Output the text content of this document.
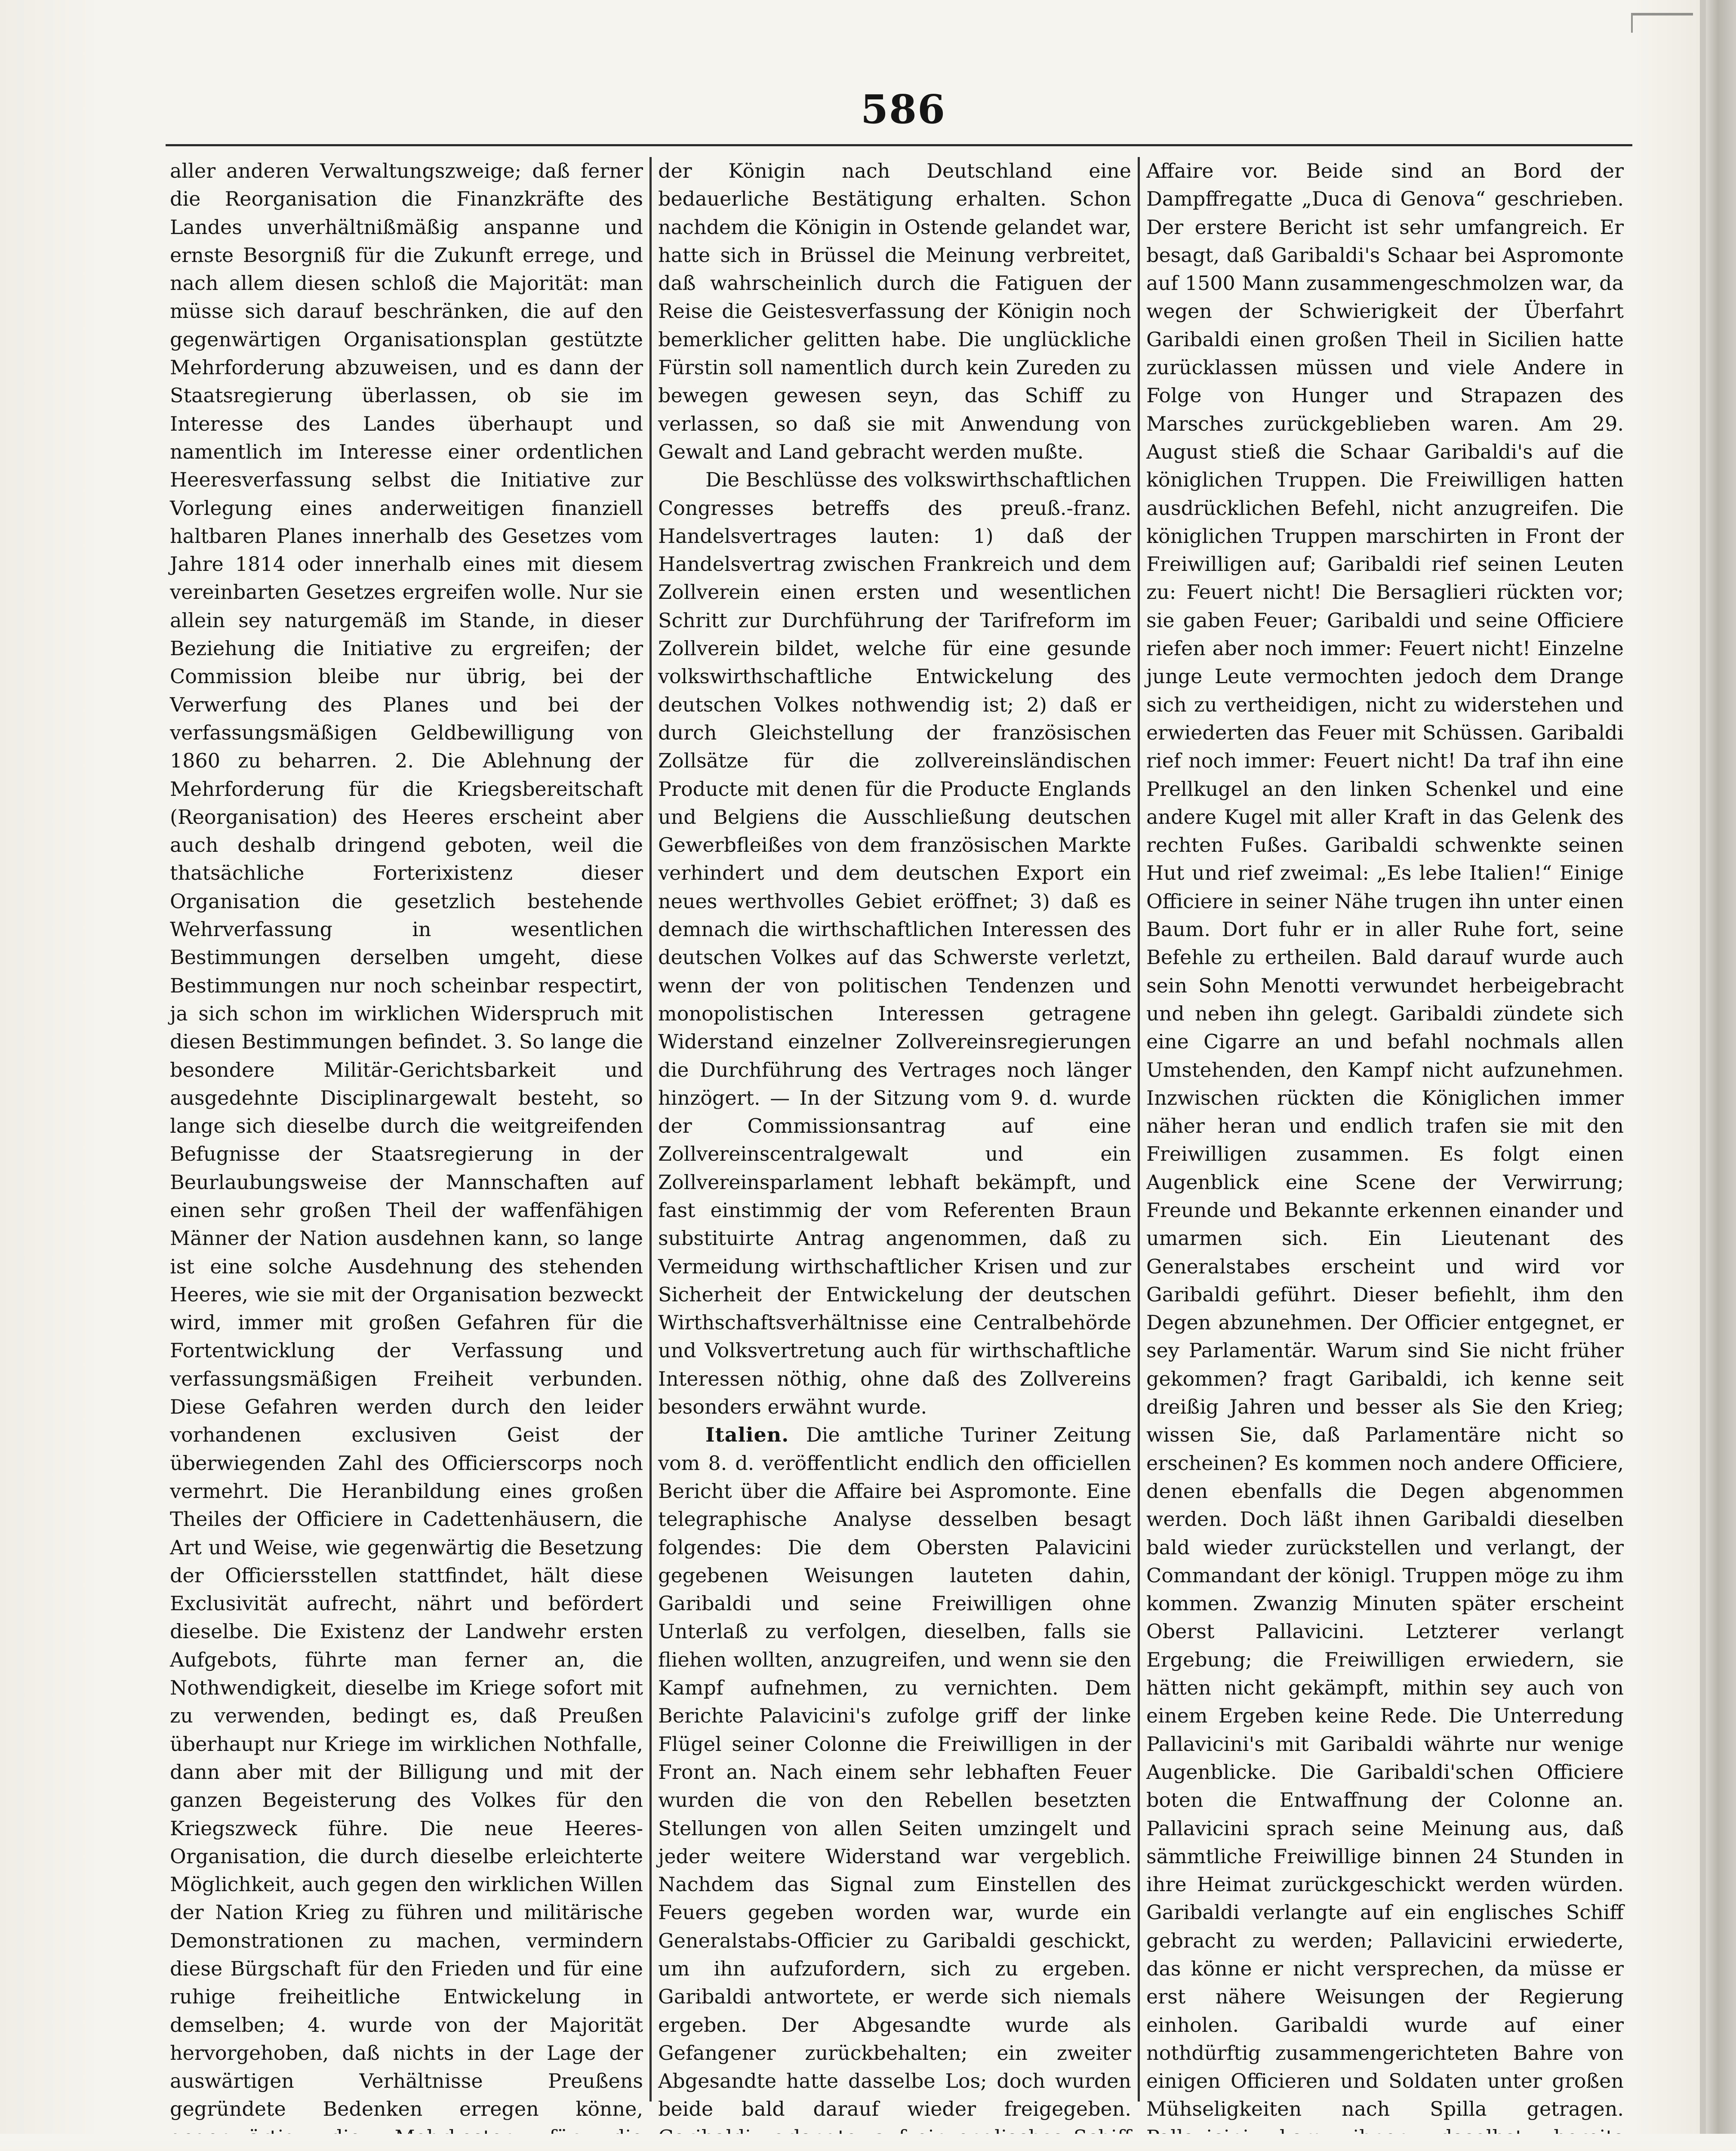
586

aller anderen Verwaltungszweige; daß ferner die Reorganisation die Finanzkräfte des Landes unverhältnißmäßig anspanne und ernste Besorgniß für die Zukunft errege, und nach allem diesen schloß die Majorität: man müsse sich darauf beschränken, die auf den gegenwärtigen Organisationsplan gestützte Mehrforderung abzuweisen, und es dann der Staatsregierung überlassen, ob sie im Interesse des Landes überhaupt und namentlich im Interesse einer ordentlichen Heeresverfassung selbst die Initiative zur Vorlegung eines anderweitigen finanziell haltbaren Planes innerhalb des Gesetzes vom Jahre 1814 oder innerhalb eines mit diesem vereinbarten Gesetzes ergreifen wolle. Nur sie allein sey naturgemäß im Stande, in dieser Beziehung die Initiative zu ergreifen; der Commission bleibe nur übrig, bei der Verwerfung des Planes und bei der verfassungsmäßigen Geldbewilligung von 1860 zu beharren. 2. Die Ablehnung der Mehrforderung für die Kriegsbereitschaft (Reorganisation) des Heeres erscheint aber auch deshalb dringend geboten, weil die thatsächliche Forterixistenz dieser Organisation die gesetzlich bestehende Wehrverfassung in wesentlichen Bestimmungen derselben umgeht, diese Bestimmungen nur noch scheinbar respectirt, ja sich schon im wirklichen Widerspruch mit diesen Bestimmungen befindet. 3. So lange die besondere Militär-Gerichtsbarkeit und ausgedehnte Disciplinargewalt besteht, so lange sich dieselbe durch die weitgreifenden Befugnisse der Staatsregierung in der Beurlaubungsweise der Mannschaften auf einen sehr großen Theil der waffenfähigen Männer der Nation ausdehnen kann, so lange ist eine solche Ausdehnung des stehenden Heeres, wie sie mit der Organisation bezweckt wird, immer mit großen Gefahren für die Fortentwicklung der Verfassung und verfassungsmäßigen Freiheit verbunden. Diese Gefahren werden durch den leider vorhandenen exclusiven Geist der überwiegenden Zahl des Officierscorps noch vermehrt. Die Heranbildung eines großen Theiles der Officiere in Cadettenhäusern, die Art und Weise, wie gegenwärtig die Besetzung der Officiersstellen stattfindet, hält diese Exclusivität aufrecht, nährt und befördert dieselbe. Die Existenz der Landwehr ersten Aufgebots, führte man ferner an, die Nothwendigkeit, dieselbe im Kriege sofort mit zu verwenden, bedingt es, daß Preußen überhaupt nur Kriege im wirklichen Nothfalle, dann aber mit der Billigung und mit der ganzen Begeisterung des Volkes für den Kriegszweck führe. Die neue Heeres-Organisation, die durch dieselbe erleichterte Möglichkeit, auch gegen den wirklichen Willen der Nation Krieg zu führen und militärische Demonstrationen zu machen, vermindern diese Bürgschaft für den Frieden und für eine ruhige freiheitliche Entwickelung in demselben; 4. wurde von der Majorität hervorgehoben, daß nichts in der Lage der auswärtigen Verhältnisse Preußens gegründete Bedenken erregen könne,

der Königin nach Deutschland eine bedauerliche Bestätigung erhalten. Schon nachdem die Königin in Ostende gelandet war, hatte sich in Brüssel die Meinung verbreitet, daß wahrscheinlich durch die Fatiguen der Reise die Geistesverfassung der Königin noch bemerklicher gelitten habe. Die unglückliche Fürstin soll namentlich durch kein Zureden zu bewegen gewesen seyn, das Schiff zu verlassen, so daß sie mit Anwendung von Gewalt and Land gebracht werden mußte.

Die Beschlüsse des volkswirthschaftlichen Congresses betreffs des preuß.-franz. Handelsvertrages lauten: 1) daß der Handelsvertrag zwischen Frankreich und dem Zollverein einen ersten und wesentlichen Schritt zur Durchführung der Tarifreform im Zollverein bildet, welche für eine gesunde volkswirthschaftliche Entwickelung des deutschen Volkes nothwendig ist; 2) daß er durch Gleichstellung der französischen Zollsätze für die zollvereinsländischen Producte mit denen für die Producte Englands und Belgiens die Ausschließung deutschen Gewerbfleißes von dem französischen Markte verhindert und dem deutschen Export ein neues werthvolles Gebiet eröffnet; 3) daß es demnach die wirthschaftlichen Interessen des deutschen Volkes auf das Schwerste verletzt, wenn der von politischen Tendenzen und monopolistischen Interessen getragene Widerstand einzelner Zollvereinsregierungen die Durchführung des Vertrages noch länger hinzögert. — In der Sitzung vom 9. d. wurde der Commissionsantrag auf eine Zollvereinscentralgewalt und ein Zollvereinsparlament lebhaft bekämpft, und fast einstimmig der vom Referenten Braun substituirte Antrag angenommen, daß zu Vermeidung wirthschaftlicher Krisen und zur Sicherheit der Entwickelung der deutschen Wirthschaftsverhältnisse eine Centralbehörde und Volksvertretung auch für wirthschaftliche Interessen nöthig, ohne daß des Zollvereins besonders erwähnt wurde.

Italien. Die amtliche Turiner Zeitung vom 8. d. veröffentlicht endlich den officiellen Bericht über die Affaire bei Aspromonte. Eine telegraphische Analyse desselben besagt folgendes: Die dem Obersten Palavicini gegebenen Weisungen lauteten dahin, Garibaldi und seine Freiwilligen ohne Unterlaß zu verfolgen, dieselben, falls sie fliehen wollten, anzugreifen, und wenn sie den Kampf aufnehmen, zu vernichten. Dem Berichte Palavicini's zufolge griff der linke Flügel seiner Colonne die Freiwilligen in der Front an. Nach einem sehr lebhaften Feuer wurden die von den Rebellen besetzten Stellungen von allen Seiten umzingelt und jeder weitere Widerstand war vergeblich. Nachdem das Signal zum Einstellen des Feuers gegeben worden war, wurde ein Generalstabs-Officier zu Garibaldi geschickt, um ihn aufzufordern, sich zu ergeben. Garibaldi antwortete, er werde sich niemals ergeben. Der Abgesandte wurde als Gefangener zurückbehalten; ein zweiter Abgesandte hatte dasselbe Los; doch wurden beide bald darauf wieder freigegeben.

Affaire vor. Beide sind an Bord der Dampffregatte „Duca di Genova“ geschrieben. Der erstere Bericht ist sehr umfangreich. Er besagt, daß Garibaldi's Schaar bei Aspromonte auf 1500 Mann zusammengeschmolzen war, da wegen der Schwierigkeit der Überfahrt Garibaldi einen großen Theil in Sicilien hatte zurücklassen müssen und viele Andere in Folge von Hunger und Strapazen des Marsches zurückgeblieben waren. Am 29. August stieß die Schaar Garibaldi's auf die königlichen Truppen. Die Freiwilligen hatten ausdrücklichen Befehl, nicht anzugreifen. Die königlichen Truppen marschirten in Front der Freiwilligen auf; Garibaldi rief seinen Leuten zu: Feuert nicht! Die Bersaglieri rückten vor; sie gaben Feuer; Garibaldi und seine Officiere riefen aber noch immer: Feuert nicht! Einzelne junge Leute vermochten jedoch dem Drange sich zu vertheidigen, nicht zu widerstehen und erwiederten das Feuer mit Schüssen. Garibaldi rief noch immer: Feuert nicht! Da traf ihn eine Prellkugel an den linken Schenkel und eine andere Kugel mit aller Kraft in das Gelenk des rechten Fußes. Garibaldi schwenkte seinen Hut und rief zweimal: „Es lebe Italien!“ Einige Officiere in seiner Nähe trugen ihn unter einen Baum. Dort fuhr er in aller Ruhe fort, seine Befehle zu ertheilen. Bald darauf wurde auch sein Sohn Menotti verwundet herbeigebracht und neben ihn gelegt. Garibaldi zündete sich eine Cigarre an und befahl nochmals allen Umstehenden, den Kampf nicht aufzunehmen. Inzwischen rückten die Königlichen immer näher heran und endlich trafen sie mit den Freiwilligen zusammen. Es folgt einen Augenblick eine Scene der Verwirrung; Freunde und Bekannte erkennen einander und umarmen sich. Ein Lieutenant des Generalstabes erscheint und wird vor Garibaldi geführt. Dieser befiehlt, ihm den Degen abzunehmen. Der Officier entgegnet, er sey Parlamentär. Warum sind Sie nicht früher gekommen? fragt Garibaldi, ich kenne seit dreißig Jahren und besser als Sie den Krieg; wissen Sie, daß Parlamentäre nicht so erscheinen? Es kommen noch andere Officiere, denen ebenfalls die Degen abgenommen werden. Doch läßt ihnen Garibaldi dieselben bald wieder zurückstellen und verlangt, der Commandant der königl. Truppen möge zu ihm kommen. Zwanzig Minuten später erscheint Oberst Pallavicini. Letzterer verlangt Ergebung; die Freiwilligen erwiedern, sie hätten nicht gekämpft, mithin sey auch von einem Ergeben keine Rede. Die Unterredung Pallavicini's mit Garibaldi währte nur wenige Augenblicke. Die Garibaldi'schen Officiere boten die Entwaffnung der Colonne an. Pallavicini sprach seine Meinung aus, daß sämmtliche Freiwillige binnen 24 Stunden in ihre Heimat zurückgeschickt werden würden. Garibaldi verlangte auf ein englisches Schiff gebracht zu werden; Pallavicini erwiederte, das könne er nicht versprechen, da müsse er erst nähere Weisungen der Regierung einholen. Garibaldi wurde auf einer nothdürftig zusammengerichteten Bahre von einigen Officieren und Soldaten unter großen Mühseligkeiten nach Spilla getragen.
